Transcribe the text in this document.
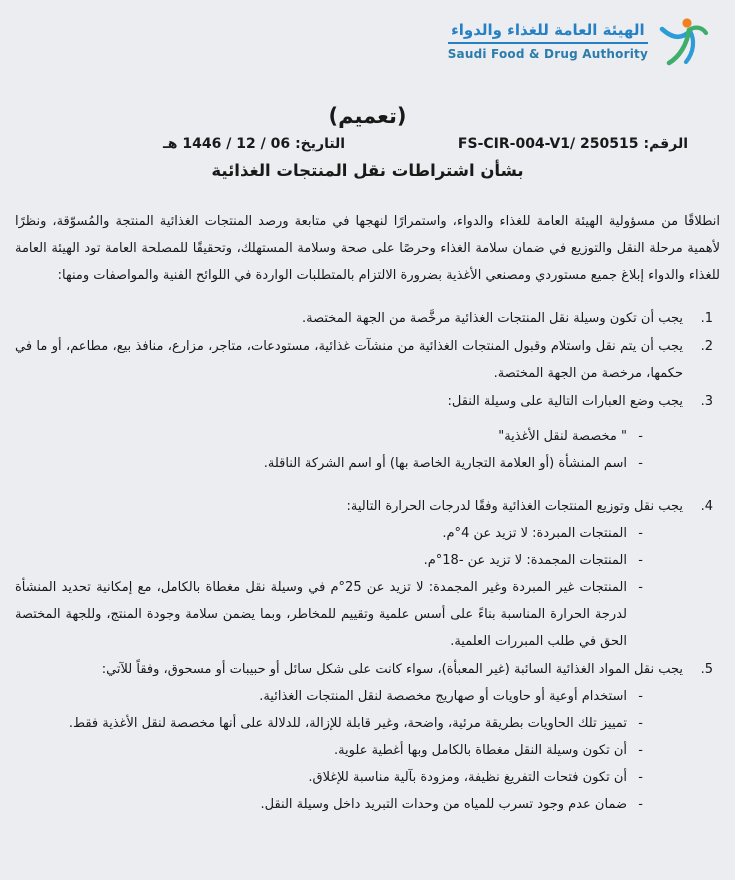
الهيئة العامة للغذاء والدواء
Saudi Food & Drug Authority
(تعميم)
الرقم:FS-CIR-004-V1/ 250515
التاريخ:06 / 12 / 1446 هـ
بشأن اشتراطات نقل المنتجات الغذائية

انطلاقًا من مسؤولية الهيئة العامة للغذاء والدواء، واستمرارًا لنهجها في متابعة ورصد المنتجات الغذائية المنتجة والمُسوّقة، ونظرًا لأهمية مرحلة النقل والتوزيع في ضمان سلامة الغذاء وحرصًا على صحة وسلامة المستهلك، وتحقيقًا للمصلحة العامة تود الهيئة العامة للغذاء والدواء إبلاغ جميع مستوردي ومصنعي الأغذية بضرورة الالتزام بالمتطلبات الواردة في اللوائح الفنية والمواصفات ومنها:

. 1
يجب أن تكون وسيلة نقل المنتجات الغذائية مرخَّصة من الجهة المختصة.
. 2
يجب أن يتم نقل واستلام وقبول المنتجات الغذائية من منشآت غذائية، مستودعات، متاجر، مزارع، منافذ بيع، مطاعم، أو ما في حكمها، مرخصة من الجهة المختصة.
. 3
يجب وضع العبارات التالية على وسيلة النقل:
-
" مخصصة لنقل الأغذية"
-
اسم المنشأة (أو العلامة التجارية الخاصة بها) أو اسم الشركة الناقلة.
. 4
يجب نقل وتوزيع المنتجات الغذائية وفقًا لدرجات الحرارة التالية:
-
المنتجات المبردة: لا تزيد عن 4°م.
-
المنتجات المجمدة: لا تزيد عن -18°م.
-
المنتجات غير المبردة وغير المجمدة: لا تزيد عن 25°م في وسيلة نقل مغطاة بالكامل، مع إمكانية تحديد المنشأة لدرجة الحرارة المناسبة بناءً على أسس علمية وتقييم للمخاطر، وبما يضمن سلامة وجودة المنتج، وللجهة المختصة الحق في طلب المبررات العلمية.
. 5
يجب نقل المواد الغذائية السائبة (غير المعبأة)، سواء كانت على شكل سائل أو حبيبات أو مسحوق، وفقاً للآتي:
-
استخدام أوعية أو حاويات أو صهاريج مخصصة لنقل المنتجات الغذائية.
-
تمييز تلك الحاويات بطريقة مرئية، واضحة، وغير قابلة للإزالة، للدلالة على أنها مخصصة لنقل الأغذية فقط.
-
أن تكون وسيلة النقل مغطاة بالكامل وبها أغطية علوية.
-
أن تكون فتحات التفريغ نظيفة، ومزودة بآلية مناسبة للإغلاق.
-
ضمان عدم وجود تسرب للمياه من وحدات التبريد داخل وسيلة النقل.
